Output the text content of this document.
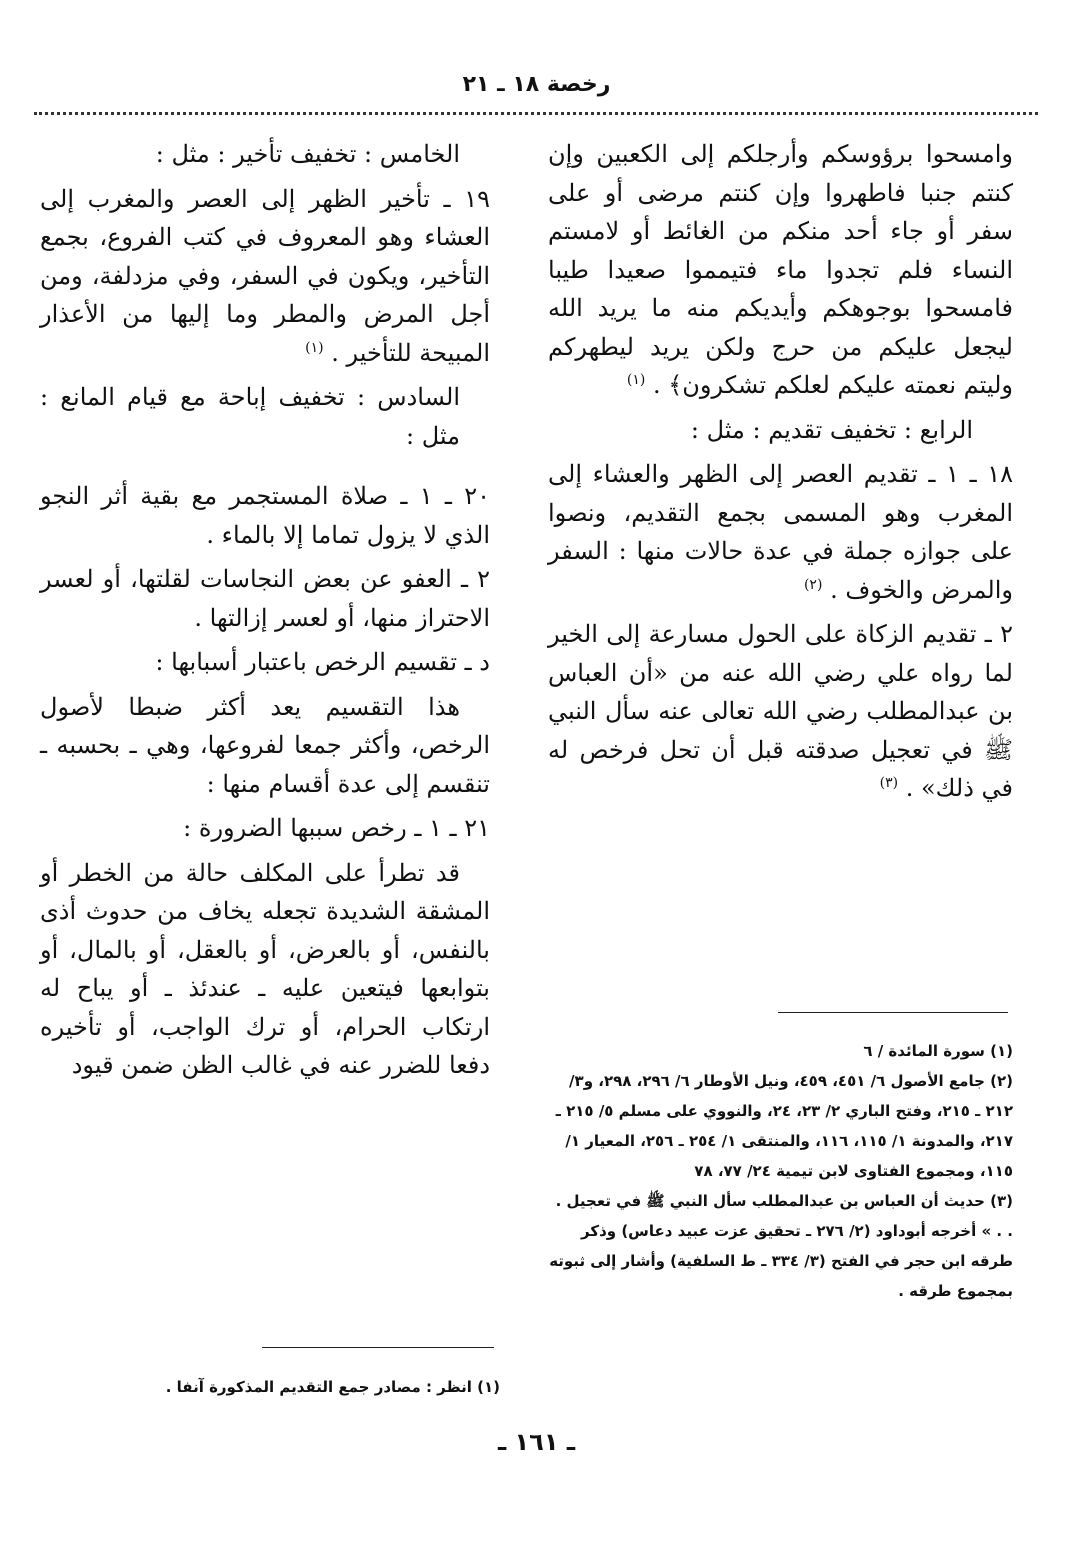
رخصة ١٨ ـ ٢١

وامسحوا برؤوسكم وأرجلكم إلى الكعبين وإن كنتم جنبا فاطهروا وإن كنتم مرضى أو على سفر أو جاء أحد منكم من الغائط أو لامستم النساء فلم تجدوا ماء فتيمموا صعيدا طيبا فامسحوا بوجوهكم وأيديكم منه ما يريد الله ليجعل عليكم من حرج ولكن يريد ليطهركم وليتم نعمته عليكم لعلكم تشكرون﴾ . $^{(١)}$

الرابع : تخفيف تقديم : مثل :

١٨ ـ ١ ـ تقديم العصر إلى الظهر والعشاء إلى المغرب وهو المسمى بجمع التقديم، ونصوا على جوازه جملة في عدة حالات منها : السفر والمرض والخوف . $^{(٢)}$

٢ ـ تقديم الزكاة على الحول مسارعة إلى الخير لما رواه علي رضي الله عنه من «أن العباس بن عبدالمطلب رضي الله تعالى عنه سأل النبي ﷺ في تعجيل صدقته قبل أن تحل فرخص له في ذلك» . $^{(٣)}$

الخامس : تخفيف تأخير : مثل :

١٩ ـ تأخير الظهر إلى العصر والمغرب إلى العشاء وهو المعروف في كتب الفروع، بجمع التأخير، ويكون في السفر، وفي مزدلفة، ومن أجل المرض والمطر وما إليها من الأعذار المبيحة للتأخير . $^{(١)}$

السادس : تخفيف إباحة مع قيام المانع : مثل :

٢٠ ـ ١ ـ صلاة المستجمر مع بقية أثر النجو الذي لا يزول تماما إلا بالماء .

٢ ـ العفو عن بعض النجاسات لقلتها، أو لعسر الاحتراز منها، أو لعسر إزالتها .

د ـ تقسيم الرخص باعتبار أسبابها :

هذا التقسيم يعد أكثر ضبطا لأصول الرخص، وأكثر جمعا لفروعها، وهي ـ بحسبه ـ تنقسم إلى عدة أقسام منها :

٢١ ـ ١ ـ رخص سببها الضرورة :

قد تطرأ على المكلف حالة من الخطر أو المشقة الشديدة تجعله يخاف من حدوث أذى بالنفس، أو بالعرض، أو بالعقل، أو بالمال، أو بتوابعها فيتعين عليه ـ عندئذ ـ أو يباح له ارتكاب الحرام، أو ترك الواجب، أو تأخيره دفعا للضرر عنه في غالب الظن ضمن قيود	(١) سورة المائدة / ٦

(٢) جامع الأصول ٦/ ٤٥١، ٤٥٩، ونيل الأوطار ٦/ ٢٩٦، ٢٩٨، و٣/ ٢١٢ ـ ٢١٥، وفتح الباري ٢/ ٢٣، ٢٤، والنووي على مسلم ٥/ ٢١٥ ـ ٢١٧، والمدونة ١/ ١١٥، ١١٦، والمنتقى ١/ ٢٥٤ ـ ٢٥٦، المعيار ١/ ١١٥، ومجموع الفتاوى لابن تيمية ٢٤/ ٧٧، ٧٨

(٣) حديث أن العباس بن عبدالمطلب سأل النبي ﷺ في تعجيل . . . » أخرجه أبوداود (٢/ ٢٧٦ ـ تحقيق عزت عبيد دعاس) وذكر طرقه ابن حجر في الفتح (٣/ ٣٣٤ ـ ط السلفية) وأشار إلى ثبوته بمجموع طرقه .

(١) انظر : مصادر جمع التقديم المذكورة آنفا .

ـ ١٦١ ـ
